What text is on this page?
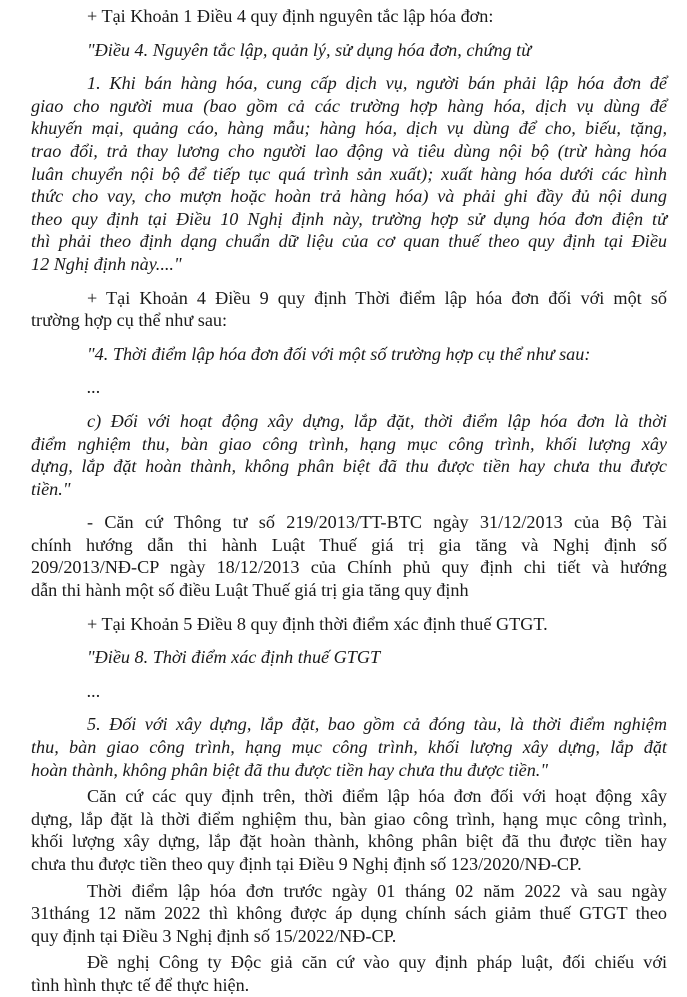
+ Tại Khoản 1 Điều 4 quy định nguyên tắc lập hóa đơn:
"Điều 4. Nguyên tắc lập, quản lý, sử dụng hóa đơn, chứng từ
1. Khi bán hàng hóa, cung cấp dịch vụ, người bán phải lập hóa đơn để
giao cho người mua (bao gồm cả các trường hợp hàng hóa, dịch vụ dùng để
khuyến mại, quảng cáo, hàng mẫu; hàng hóa, dịch vụ dùng để cho, biếu, tặng,
trao đổi, trả thay lương cho người lao động và tiêu dùng nội bộ (trừ hàng hóa
luân chuyển nội bộ để tiếp tục quá trình sản xuất); xuất hàng hóa dưới các hình
thức cho vay, cho mượn hoặc hoàn trả hàng hóa) và phải ghi đầy đủ nội dung
theo quy định tại Điều 10 Nghị định này, trường hợp sử dụng hóa đơn điện tử
thì phải theo định dạng chuẩn dữ liệu của cơ quan thuế theo quy định tại Điều
12 Nghị định này...."
+ Tại Khoản 4 Điều 9 quy định Thời điểm lập hóa đơn đối với một số
trường hợp cụ thể như sau:
"4. Thời điểm lập hóa đơn đối với một số trường hợp cụ thể như sau:
...
c) Đối với hoạt động xây dựng, lắp đặt, thời điểm lập hóa đơn là thời
điểm nghiệm thu, bàn giao công trình, hạng mục công trình, khối lượng xây
dựng, lắp đặt hoàn thành, không phân biệt đã thu được tiền hay chưa thu được
tiền."
- Căn cứ Thông tư số 219/2013/TT-BTC ngày 31/12/2013 của Bộ Tài
chính hướng dẫn thi hành Luật Thuế giá trị gia tăng và Nghị định số
209/2013/NĐ-CP ngày 18/12/2013 của Chính phủ quy định chi tiết và hướng
dẫn thi hành một số điều Luật Thuế giá trị gia tăng quy định
+ Tại Khoản 5 Điều 8 quy định thời điểm xác định thuế GTGT.
"Điều 8. Thời điểm xác định thuế GTGT
...
5. Đối với xây dựng, lắp đặt, bao gồm cả đóng tàu, là thời điểm nghiệm
thu, bàn giao công trình, hạng mục công trình, khối lượng xây dựng, lắp đặt
hoàn thành, không phân biệt đã thu được tiền hay chưa thu được tiền."
Căn cứ các quy định trên, thời điểm lập hóa đơn đối với hoạt động xây
dựng, lắp đặt là thời điểm nghiệm thu, bàn giao công trình, hạng mục công trình,
khối lượng xây dựng, lắp đặt hoàn thành, không phân biệt đã thu được tiền hay
chưa thu được tiền theo quy định tại Điều 9 Nghị định số 123/2020/NĐ-CP.
Thời điểm lập hóa đơn trước ngày 01 tháng 02 năm 2022 và sau ngày
31tháng 12 năm 2022 thì không được áp dụng chính sách giảm thuế GTGT theo
quy định tại Điều 3 Nghị định số 15/2022/NĐ-CP.
Đề nghị Công ty Độc giả căn cứ vào quy định pháp luật, đối chiếu với
tình hình thực tế để thực hiện.
